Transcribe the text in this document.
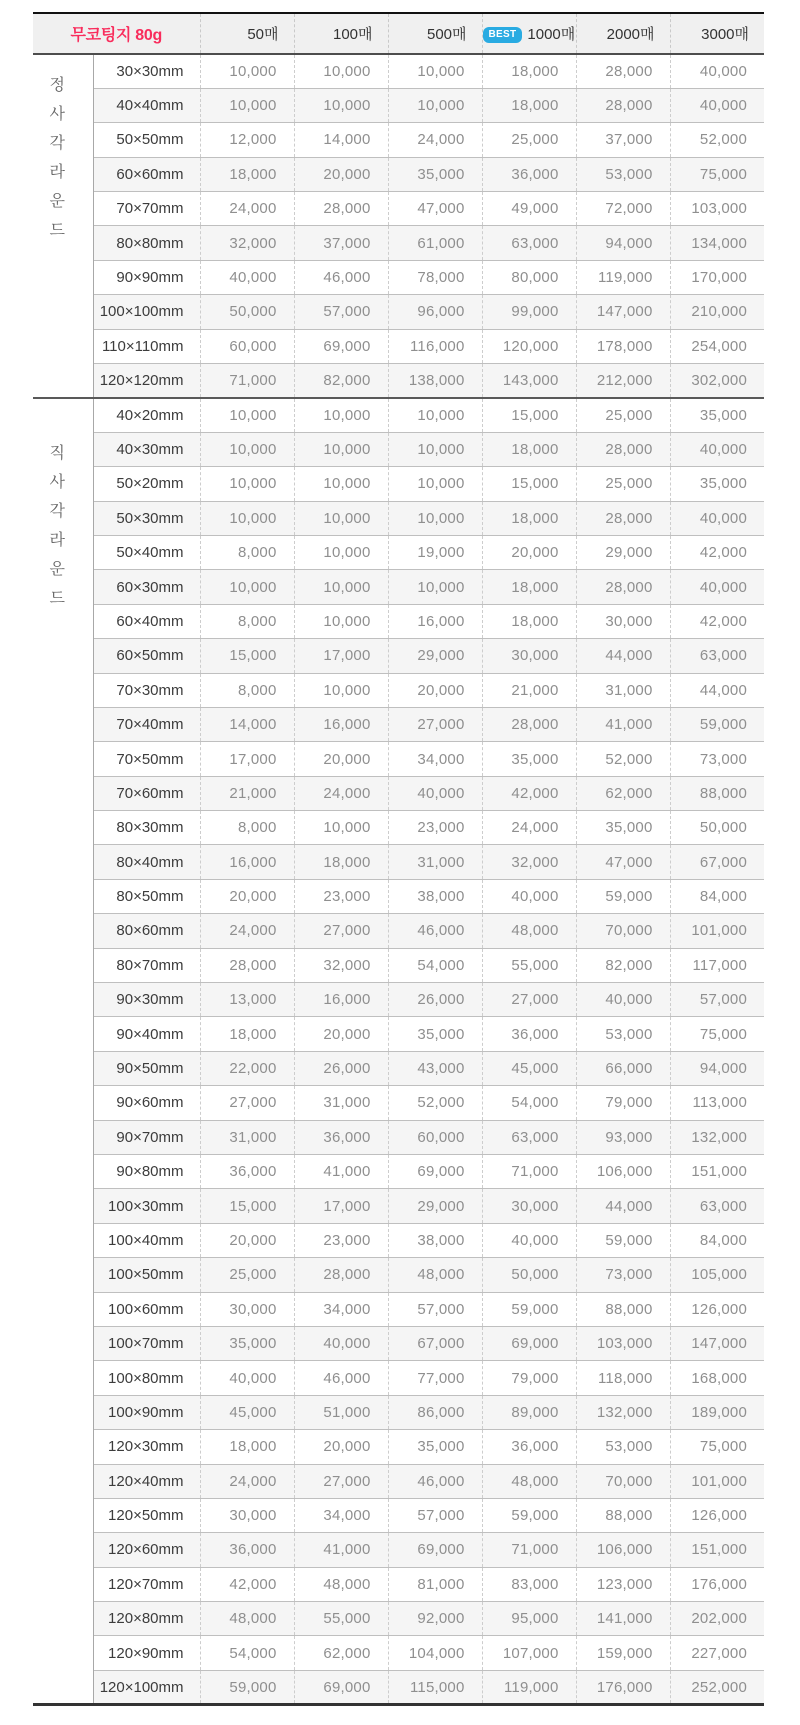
무코팅지 80g		50매	100매	500매	BEST 1000매	2000매	3000매

정
사
각
라
운
드
	30×30mm	10,000	10,000	10,000	18,000	28,000	40,000
	40×40mm	10,000	10,000	10,000	18,000	28,000	40,000
	50×50mm	12,000	14,000	24,000	25,000	37,000	52,000
	60×60mm	18,000	20,000	35,000	36,000	53,000	75,000
	70×70mm	24,000	28,000	47,000	49,000	72,000	103,000
	80×80mm	32,000	37,000	61,000	63,000	94,000	134,000
	90×90mm	40,000	46,000	78,000	80,000	119,000	170,000
	100×100mm	50,000	57,000	96,000	99,000	147,000	210,000
	110×110mm	60,000	69,000	116,000	120,000	178,000	254,000
	120×120mm	71,000	82,000	138,000	143,000	212,000	302,000

직
사
각
라
운
드
	40×20mm	10,000	10,000	10,000	15,000	25,000	35,000
	40×30mm	10,000	10,000	10,000	18,000	28,000	40,000
	50×20mm	10,000	10,000	10,000	15,000	25,000	35,000
	50×30mm	10,000	10,000	10,000	18,000	28,000	40,000
	50×40mm	8,000	10,000	19,000	20,000	29,000	42,000
	60×30mm	10,000	10,000	10,000	18,000	28,000	40,000
	60×40mm	8,000	10,000	16,000	18,000	30,000	42,000
	60×50mm	15,000	17,000	29,000	30,000	44,000	63,000
	70×30mm	8,000	10,000	20,000	21,000	31,000	44,000
	70×40mm	14,000	16,000	27,000	28,000	41,000	59,000
	70×50mm	17,000	20,000	34,000	35,000	52,000	73,000
	70×60mm	21,000	24,000	40,000	42,000	62,000	88,000
	80×30mm	8,000	10,000	23,000	24,000	35,000	50,000
	80×40mm	16,000	18,000	31,000	32,000	47,000	67,000
	80×50mm	20,000	23,000	38,000	40,000	59,000	84,000
	80×60mm	24,000	27,000	46,000	48,000	70,000	101,000
	80×70mm	28,000	32,000	54,000	55,000	82,000	117,000
	90×30mm	13,000	16,000	26,000	27,000	40,000	57,000
	90×40mm	18,000	20,000	35,000	36,000	53,000	75,000
	90×50mm	22,000	26,000	43,000	45,000	66,000	94,000
	90×60mm	27,000	31,000	52,000	54,000	79,000	113,000
	90×70mm	31,000	36,000	60,000	63,000	93,000	132,000
	90×80mm	36,000	41,000	69,000	71,000	106,000	151,000
	100×30mm	15,000	17,000	29,000	30,000	44,000	63,000
	100×40mm	20,000	23,000	38,000	40,000	59,000	84,000
	100×50mm	25,000	28,000	48,000	50,000	73,000	105,000
	100×60mm	30,000	34,000	57,000	59,000	88,000	126,000
	100×70mm	35,000	40,000	67,000	69,000	103,000	147,000
	100×80mm	40,000	46,000	77,000	79,000	118,000	168,000
	100×90mm	45,000	51,000	86,000	89,000	132,000	189,000
	120×30mm	18,000	20,000	35,000	36,000	53,000	75,000
	120×40mm	24,000	27,000	46,000	48,000	70,000	101,000
	120×50mm	30,000	34,000	57,000	59,000	88,000	126,000
	120×60mm	36,000	41,000	69,000	71,000	106,000	151,000
	120×70mm	42,000	48,000	81,000	83,000	123,000	176,000
	120×80mm	48,000	55,000	92,000	95,000	141,000	202,000
	120×90mm	54,000	62,000	104,000	107,000	159,000	227,000
	120×100mm	59,000	69,000	115,000	119,000	176,000	252,000
